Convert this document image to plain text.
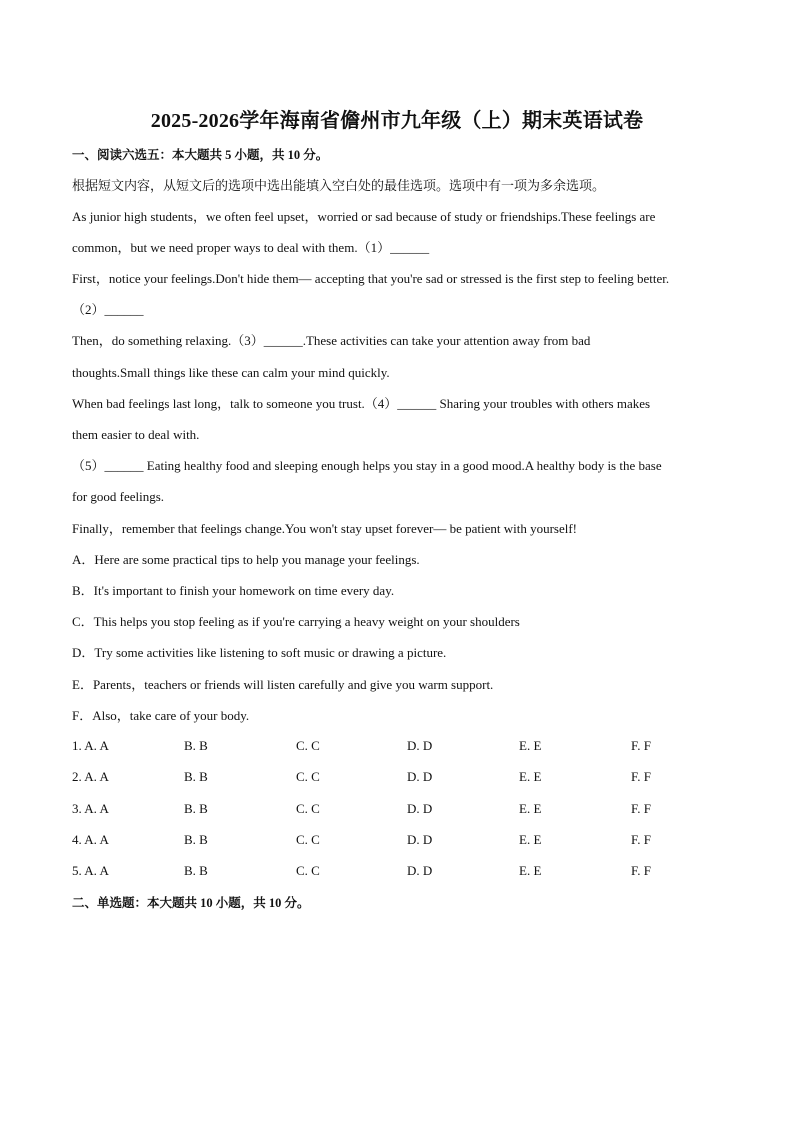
2025-2026学年海南省儋州市九年级（上）期末英语试卷
一、阅读六选五：本大题共 5 小题，共 10 分。
根据短文内容，从短文后的选项中选出能填入空白处的最佳选项。选项中有一项为多余选项。
As junior high students，we often feel upset，worried or sad because of study or friendships.These feelings are
common，but we need proper ways to deal with them.（1）______
First，notice your feelings.Don't hide them— accepting that you're sad or stressed is the first step to feeling better.
（2）______
Then，do something relaxing.（3）______.These activities can take your attention away from bad
thoughts.Small things like these can calm your mind quickly.
When bad feelings last long，talk to someone you trust.（4）______ Sharing your troubles with others makes
them easier to deal with.
（5）______ Eating healthy food and sleeping enough helps you stay in a good mood.A healthy body is the base
for good feelings.
Finally，remember that feelings change.You won't stay upset forever— be patient with yourself!
A．Here are some practical tips to help you manage your feelings.
B．It's important to finish your homework on time every day.
C．This helps you stop feeling as if you're carrying a heavy weight on your shoulders
D．Try some activities like listening to soft music or drawing a picture.
E．Parents，teachers or friends will listen carefully and give you warm support.
F．Also，take care of your body.
1. A. A	B. B	C. C	D. D	E. E	F. F
2. A. A	B. B	C. C	D. D	E. E	F. F
3. A. A	B. B	C. C	D. D	E. E	F. F
4. A. A	B. B	C. C	D. D	E. E	F. F
5. A. A	B. B	C. C	D. D	E. E	F. F
二、单选题：本大题共 10 小题，共 10 分。
